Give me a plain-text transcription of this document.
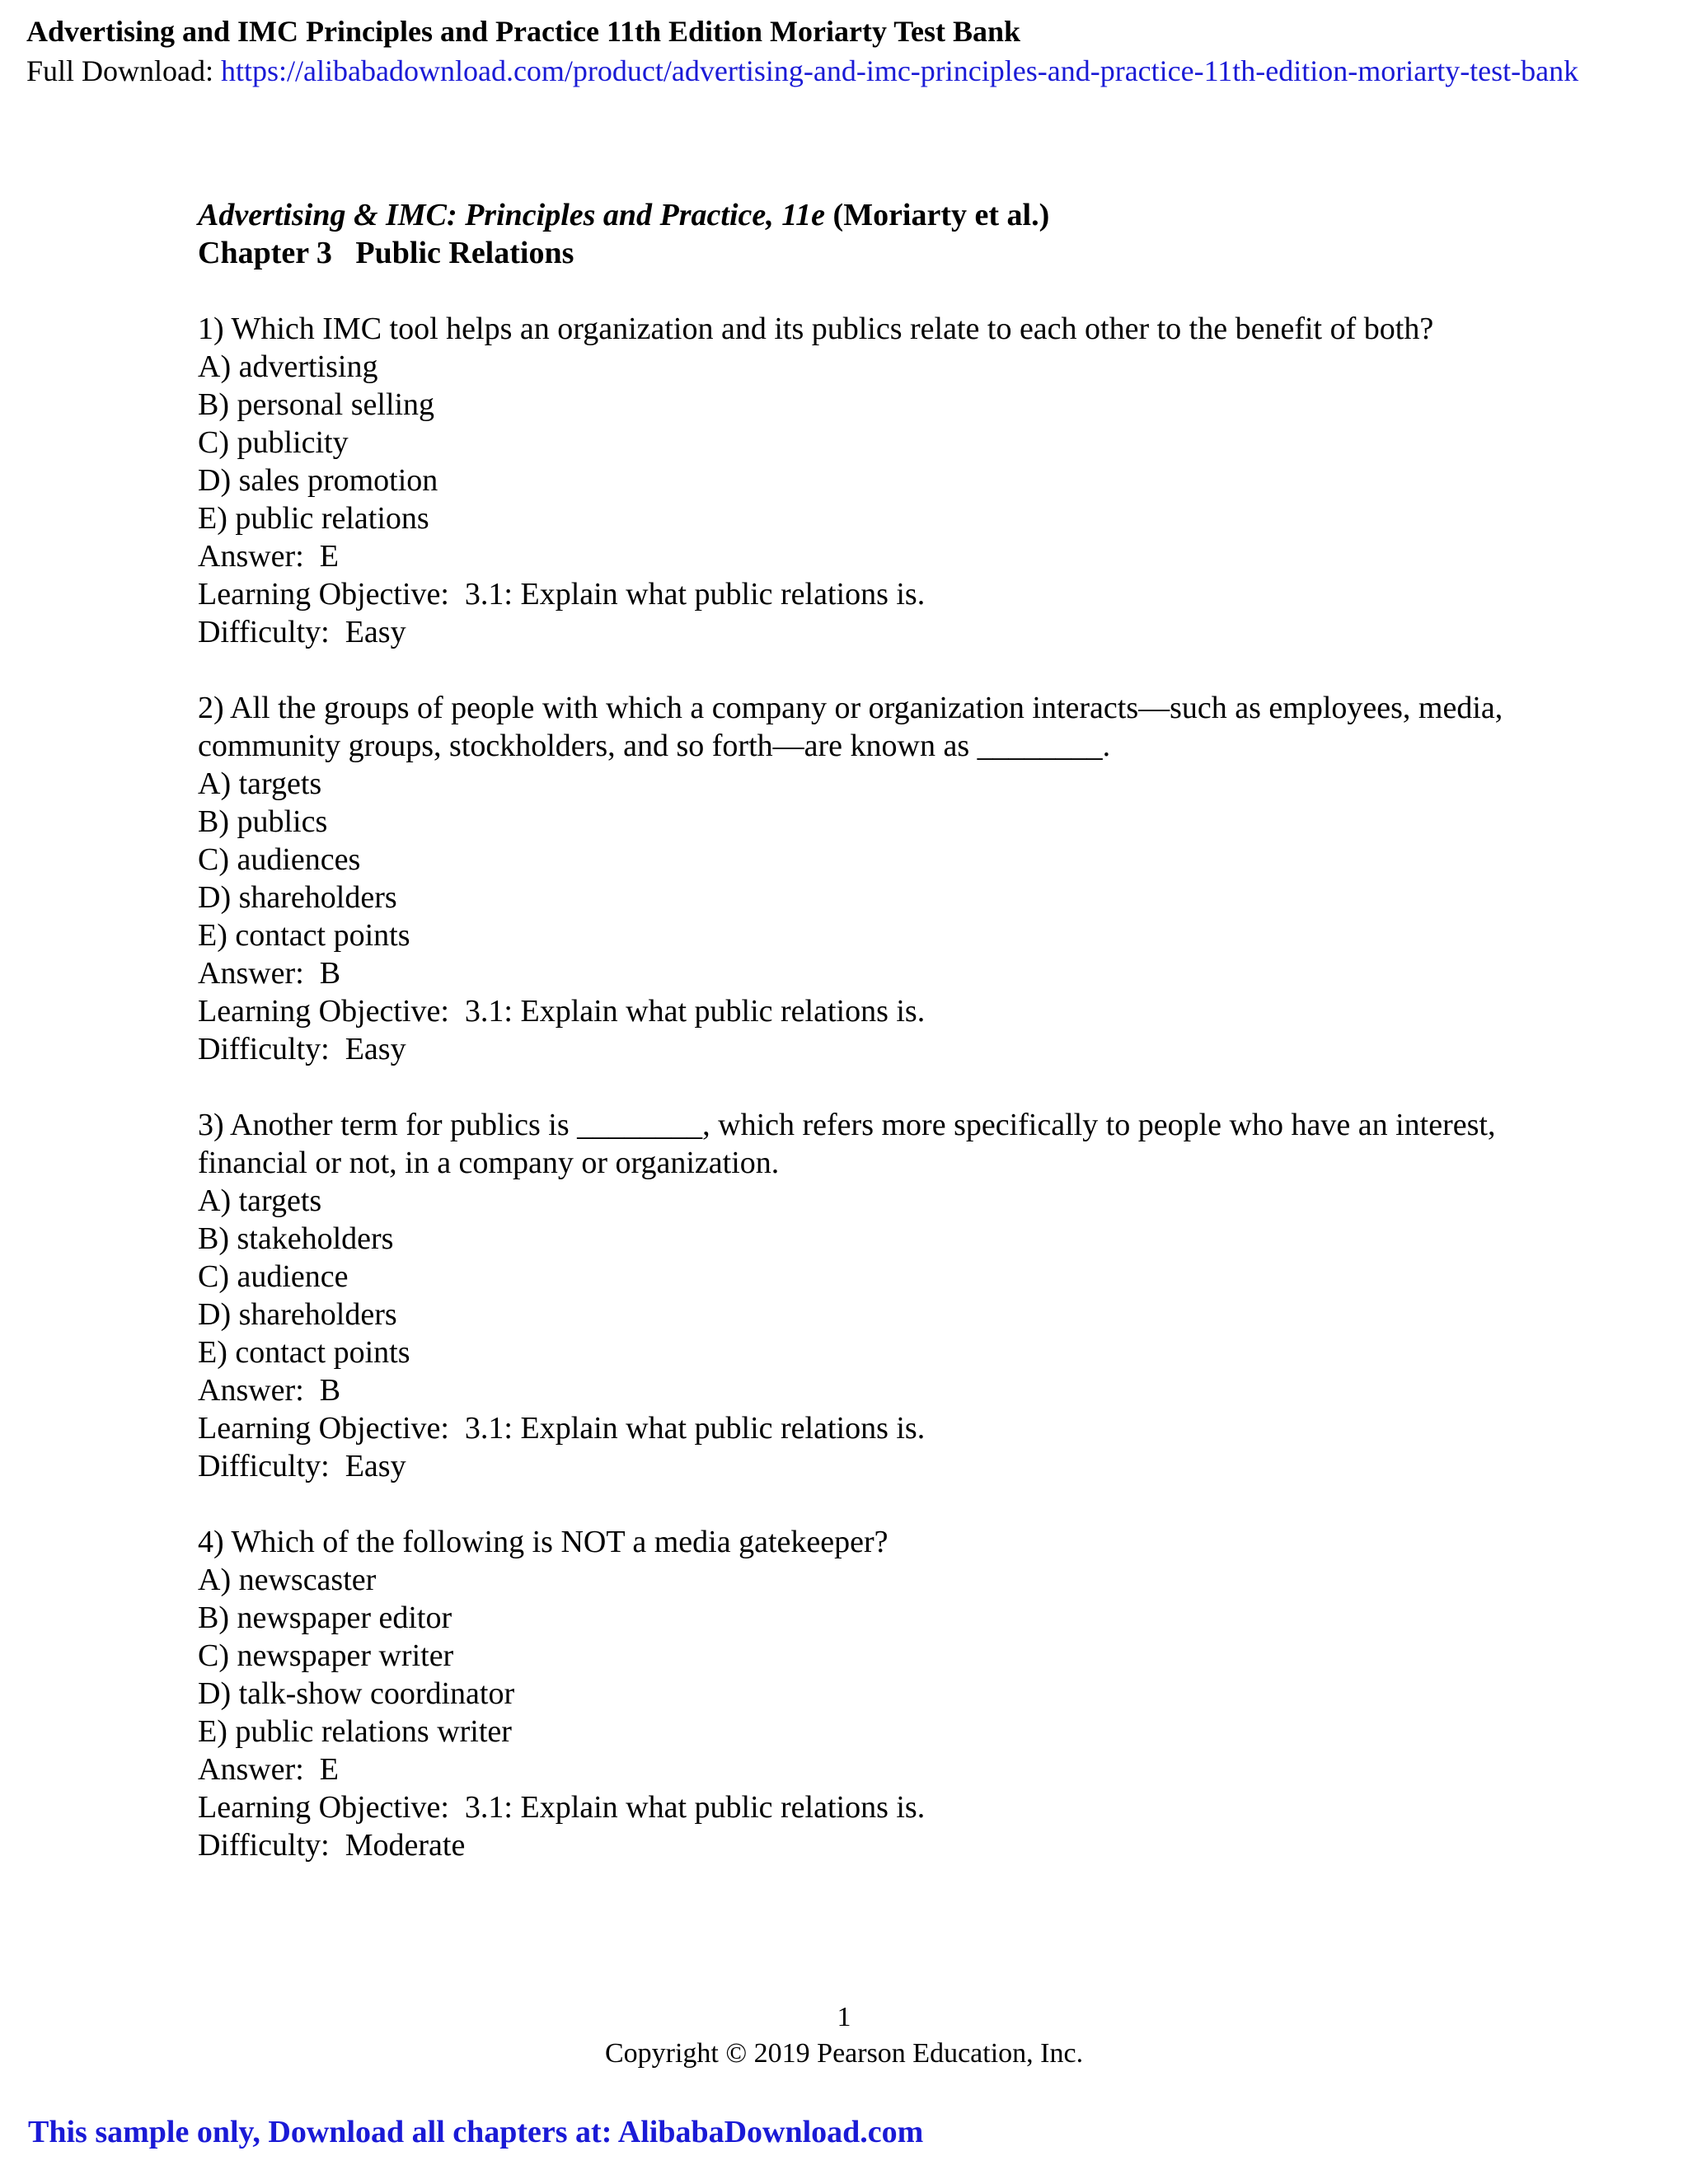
Advertising and IMC Principles and Practice 11th Edition Moriarty Test Bank
Full Download: https://alibabadownload.com/product/advertising-and-imc-principles-and-practice-11th-edition-moriarty-test-bank
Advertising & IMC: Principles and Practice, 11e (Moriarty et al.)
Chapter 3   Public Relations
1) Which IMC tool helps an organization and its publics relate to each other to the benefit of both?
A) advertising
B) personal selling
C) publicity
D) sales promotion
E) public relations
Answer:  E
Learning Objective:  3.1: Explain what public relations is.
Difficulty:  Easy
2) All the groups of people with which a company or organization interacts—such as employees, media, community groups, stockholders, and so forth—are known as ________.
A) targets
B) publics
C) audiences
D) shareholders
E) contact points
Answer:  B
Learning Objective:  3.1: Explain what public relations is.
Difficulty:  Easy
3) Another term for publics is ________, which refers more specifically to people who have an interest, financial or not, in a company or organization.
A) targets
B) stakeholders
C) audience
D) shareholders
E) contact points
Answer:  B
Learning Objective:  3.1: Explain what public relations is.
Difficulty:  Easy
4) Which of the following is NOT a media gatekeeper?
A) newscaster
B) newspaper editor
C) newspaper writer
D) talk-show coordinator
E) public relations writer
Answer:  E
Learning Objective:  3.1: Explain what public relations is.
Difficulty:  Moderate
1
Copyright © 2019 Pearson Education, Inc.
This sample only, Download all chapters at: AlibabaDownload.com
